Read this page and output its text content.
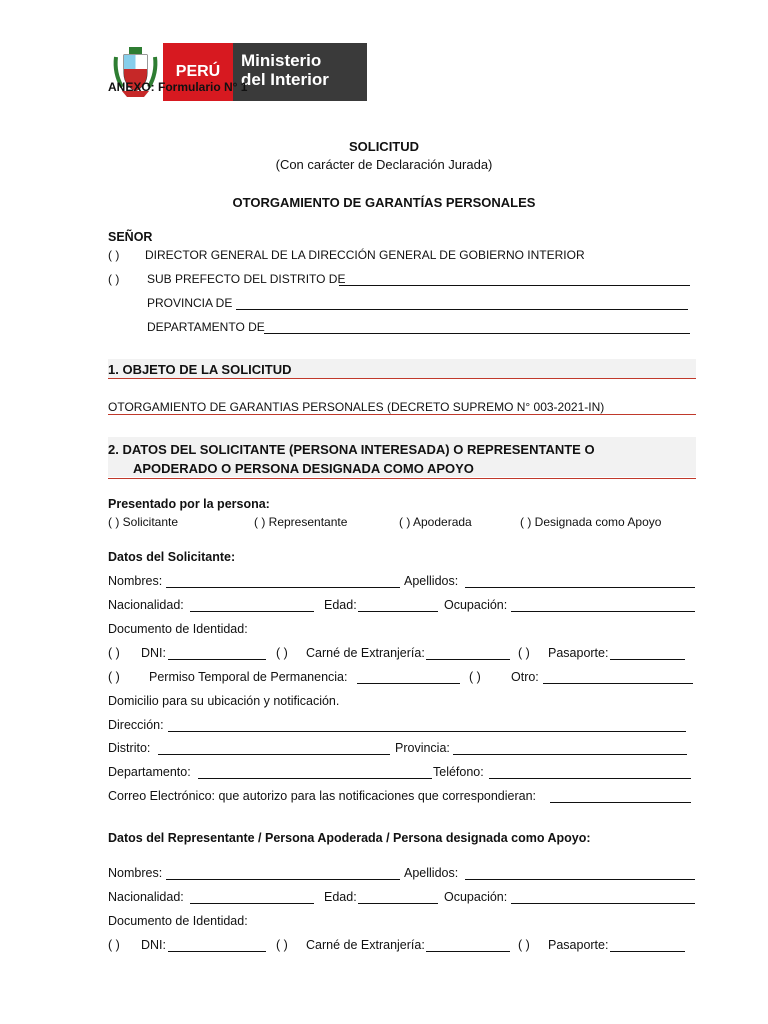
PERÚ
Ministerio
del Interior
ANEXO: Formulario N° 1
SOLICITUD
(Con carácter de Declaración Jurada)
OTORGAMIENTO DE GARANTÍAS PERSONALES
SEÑOR
( ) DIRECTOR GENERAL DE LA DIRECCIÓN GENERAL DE GOBIERNO INTERIOR
( ) SUB PREFECTO DEL DISTRITO DE
PROVINCIA DE
DEPARTAMENTO DE
1. OBJETO DE LA SOLICITUD
OTORGAMIENTO DE GARANTIAS PERSONALES (DECRETO SUPREMO N° 003-2021-IN)
2. DATOS DEL SOLICITANTE (PERSONA INTERESADA) O REPRESENTANTE O
APODERADO O PERSONA DESIGNADA COMO APOYO
Presentado por la persona:
( ) Solicitante	( ) Representante	( ) Apoderada	( ) Designada como Apoyo
Datos del Solicitante:
Nombres:	Apellidos:
Nacionalidad:	Edad:	Ocupación:
Documento de Identidad:
( ) DNI:	( ) Carné de Extranjería:	( ) Pasaporte:
( ) Permiso Temporal de Permanencia:	( ) Otro:
Domicilio para su ubicación y notificación.
Dirección:
Distrito:	Provincia:
Departamento:	Teléfono:
Correo Electrónico: que autorizo para las notificaciones que correspondieran:
Datos del Representante / Persona Apoderada / Persona designada como Apoyo:
Nombres:	Apellidos:
Nacionalidad:	Edad:	Ocupación:
Documento de Identidad:
( ) DNI:	( ) Carné de Extranjería:	( ) Pasaporte:
